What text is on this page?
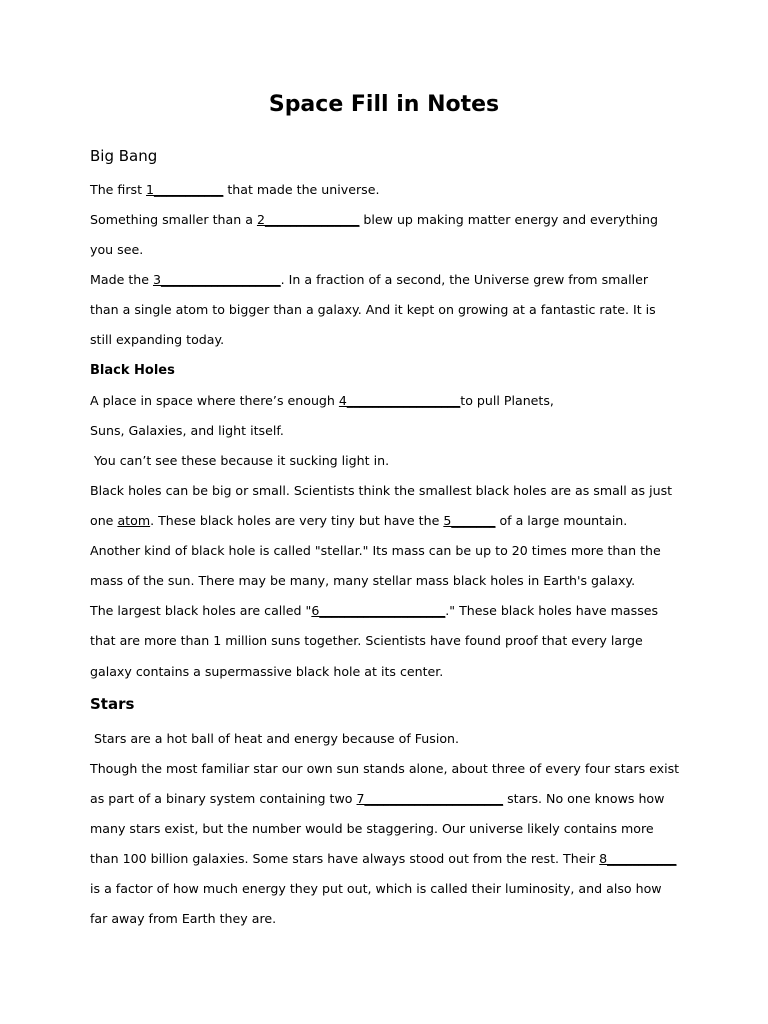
Space Fill in Notes
Big Bang
The first 1___________ that made the universe.
Something smaller than a 2_______________ blew up making matter energy and everything
you see.
Made the 3___________________. In a fraction of a second, the Universe grew from smaller
than a single atom to bigger than a galaxy. And it kept on growing at a fantastic rate. It is
still expanding today.
Black Holes
A place in space where there’s enough 4__________________to pull Planets,
Suns, Galaxies, and light itself.
You can’t see these because it sucking light in.
Black holes can be big or small. Scientists think the smallest black holes are as small as just
one atom. These black holes are very tiny but have the 5_______ of a large mountain.
Another kind of black hole is called "stellar." Its mass can be up to 20 times more than the
mass of the sun. There may be many, many stellar mass black holes in Earth's galaxy.
The largest black holes are called "6____________________." These black holes have masses
that are more than 1 million suns together. Scientists have found proof that every large
galaxy contains a supermassive black hole at its center.
Stars
Stars are a hot ball of heat and energy because of Fusion.
Though the most familiar star our own sun stands alone, about three of every four stars exist
as part of a binary system containing two 7______________________ stars. No one knows how
many stars exist, but the number would be staggering. Our universe likely contains more
than 100 billion galaxies. Some stars have always stood out from the rest. Their 8___________
is a factor of how much energy they put out, which is called their luminosity, and also how
far away from Earth they are.
